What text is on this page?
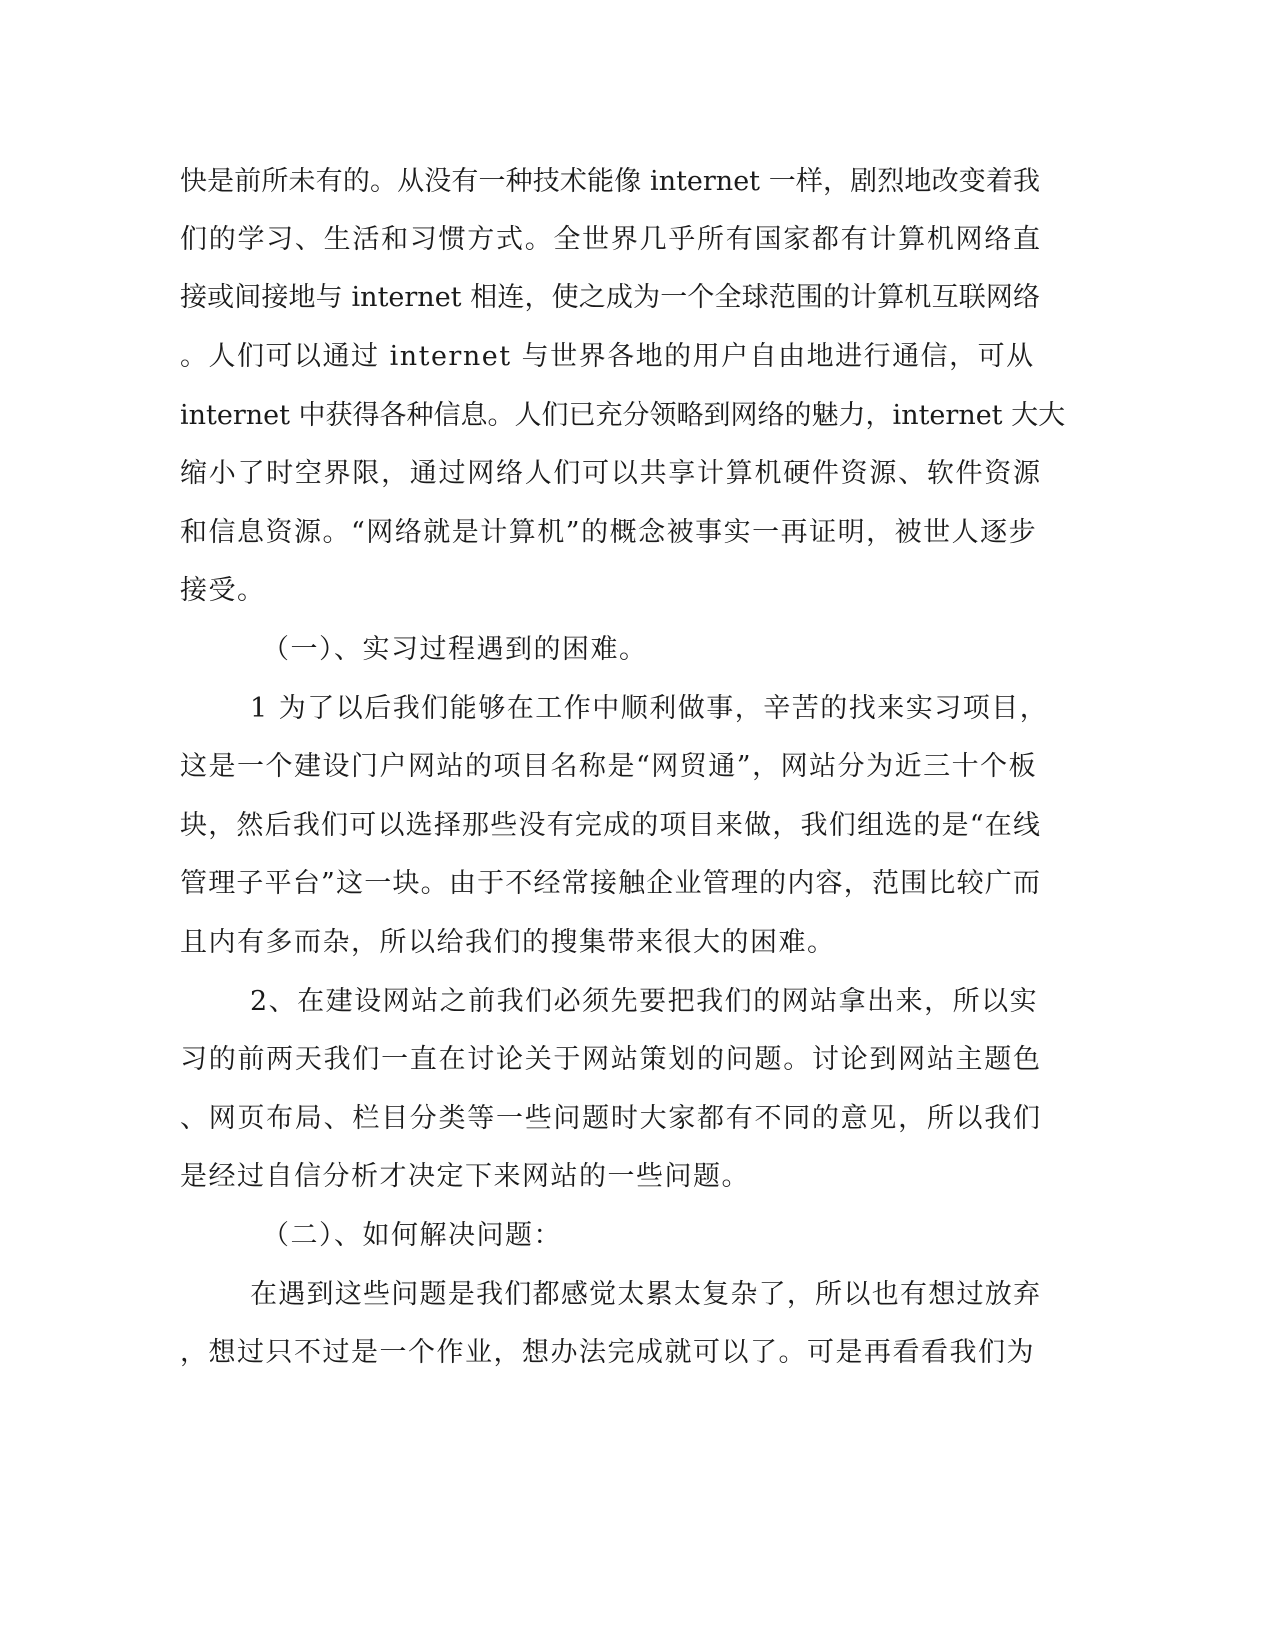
快是前所未有的。从没有一种技术能像 internet 一样，剧烈地改变着我
们的学习、生活和习惯方式。全世界几乎所有国家都有计算机网络直
接或间接地与 internet 相连，使之成为一个全球范围的计算机互联网络
。人们可以通过 internet 与世界各地的用户自由地进行通信，可从
internet 中获得各种信息。人们已充分领略到网络的魅力，internet 大大
缩小了时空界限，通过网络人们可以共享计算机硬件资源、软件资源
和信息资源。“网络就是计算机”的概念被事实一再证明，被世人逐步
接受。
（一）、实习过程遇到的困难。
1 为了以后我们能够在工作中顺利做事，辛苦的找来实习项目，
这是一个建设门户网站的项目名称是“网贸通”，网站分为近三十个板
块，然后我们可以选择那些没有完成的项目来做，我们组选的是“在线
管理子平台”这一块。由于不经常接触企业管理的内容，范围比较广而
且内有多而杂，所以给我们的搜集带来很大的困难。
2、在建设网站之前我们必须先要把我们的网站拿出来，所以实
习的前两天我们一直在讨论关于网站策划的问题。讨论到网站主题色
、网页布局、栏目分类等一些问题时大家都有不同的意见，所以我们
是经过自信分析才决定下来网站的一些问题。
（二）、如何解决问题：
在遇到这些问题是我们都感觉太累太复杂了，所以也有想过放弃
，想过只不过是一个作业，想办法完成就可以了。可是再看看我们为
